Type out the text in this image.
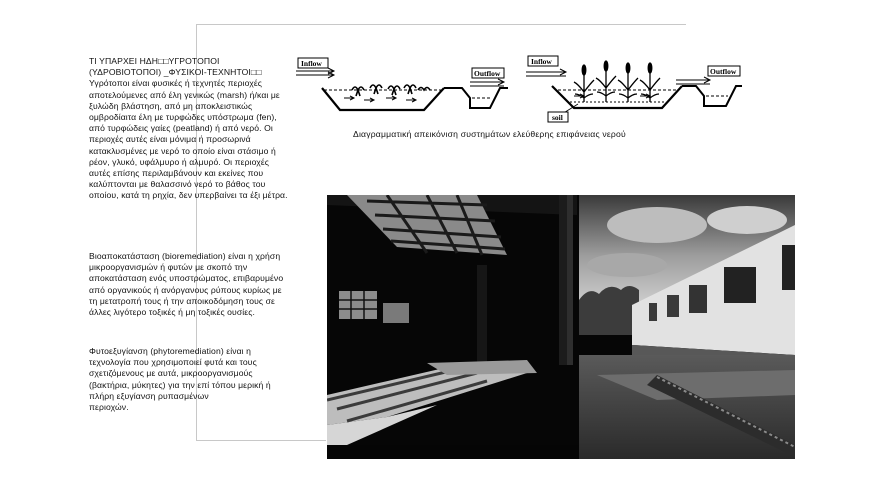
ΤΙ ΥΠΑΡΧΕΙ ΗΔΗ□□ΥΓΡΟΤΟΠΟΙ

(ΥΔΡΟΒΙΟΤΟΠΟΙ) _ΦΥΣΙΚΟΙ-ΤΕΧΝΗΤΟΙ□□

Υγρότοποι είναι φυσικές ή τεχνητές περιοχές αποτελούμενες από έλη γενικώς (marsh) ή/και με ξυλώδη βλάστηση, από μη αποκλειστικώς ομβροδίαιτα έλη με τυρφώδες υπόστρωμα (fen), από τυρφώδεις γαίες (peatland) ή από νερό. Οι περιοχές αυτές είναι μόνιμα ή προσωρινά κατακλυσμένες με νερό το οποίο είναι στάσιμο ή ρέον, γλυκό, υφάλμυρο ή αλμυρό. Οι περιοχές αυτές επίσης περιλαμβάνουν και εκείνες που καλύπτονται με θαλασσινό νερό το βάθος του οποίου, κατά τη ρηχία, δεν υπερβαίνει τα έξι μέτρα.

Βιοαποκατάσταση (bioremediation) είναι η χρήση μικροοργανισμών ή φυτών με σκοπό την αποκατάσταση ενός υποστρώματος, επιβαρυμένο από οργανικούς ή ανόργανους ρύπους κυρίως με τη μετατροπή τους ή την αποικοδόμηση τους σε άλλες λιγότερο τοξικές ή μη τοξικές ουσίες.

Φυτοεξυγίανση (phytoremediation) είναι η τεχνολογία που χρησιμοποιεί φυτά και τους σχετιζόμενους με αυτά, μικροοργανισμούς (βακτήρια, μύκητες) για την επί τόπου μερική ή πλήρη εξυγίανση ρυπασμένων

περιοχών.

Inflow
Outflow
Inflow
soil
Outflow
Διαγραμματική απεικόνιση συστημάτων ελεύθερης επιφάνειας νερού
